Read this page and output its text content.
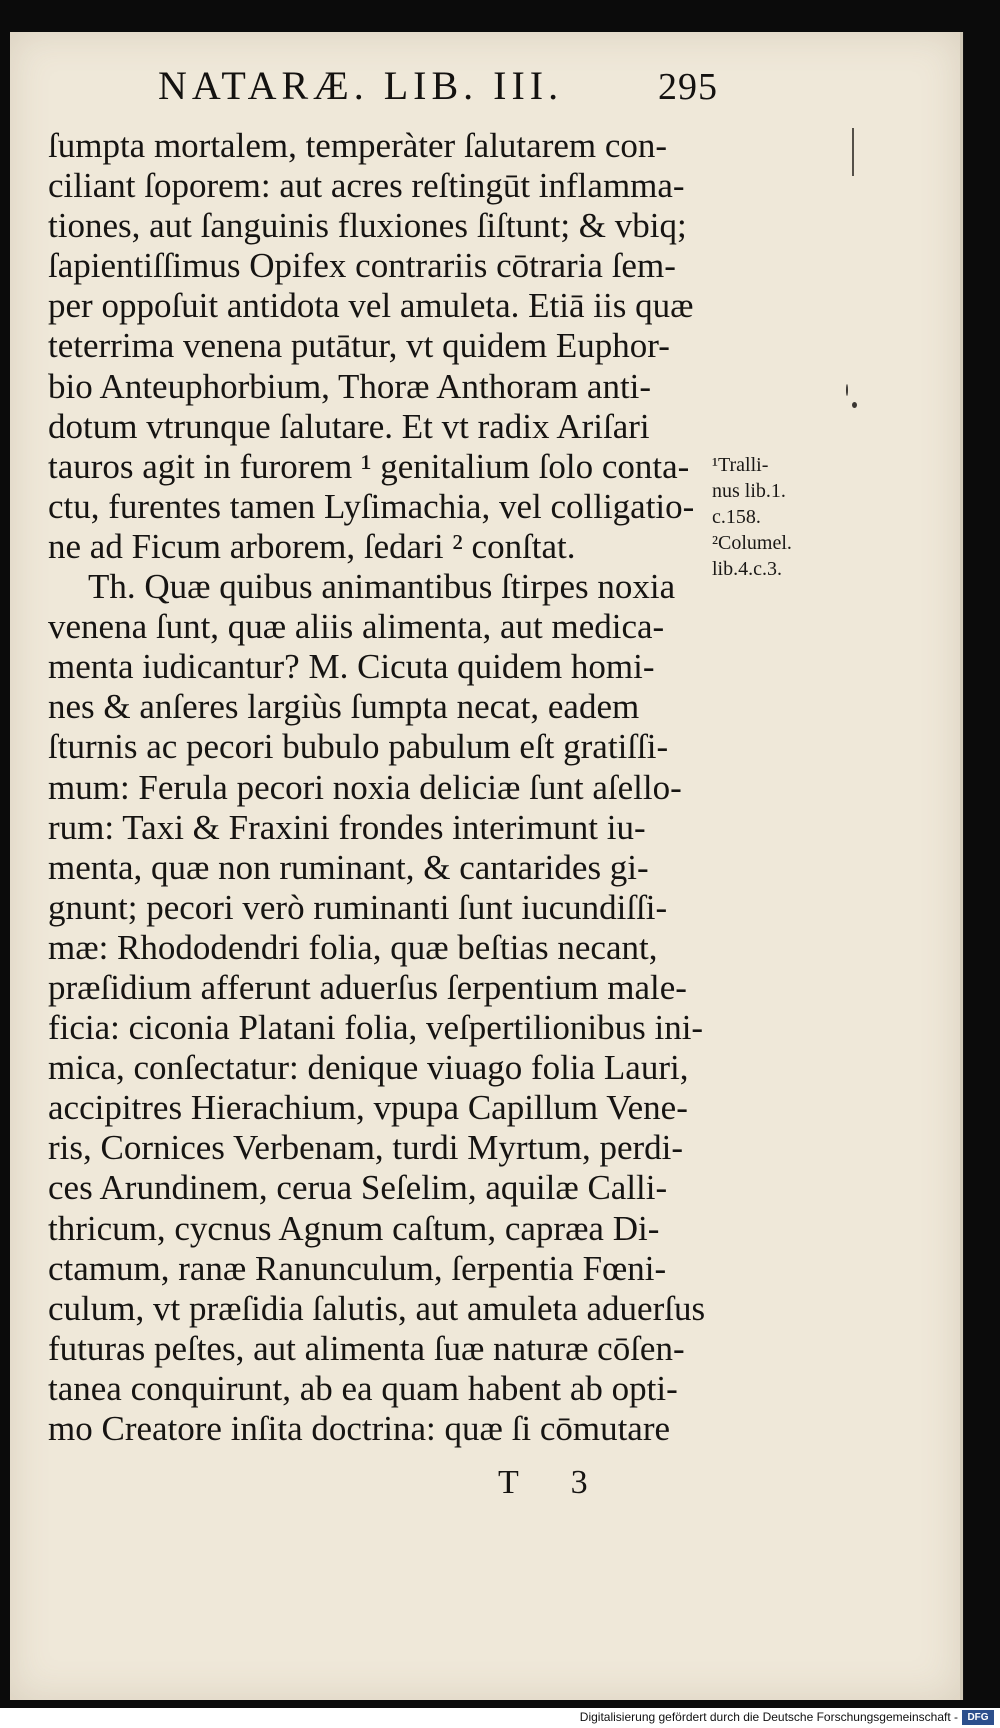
NATARÆ. LIB. III. 295
ſumpta mortalem, temperàter ſalutarem con-
ciliant ſoporem: aut acres reſtingūt inflamma-
tiones, aut ſanguinis fluxiones ſiſtunt; & vbiq;
ſapientiſſimus Opifex contrariis cōtraria ſem-
per oppoſuit antidota vel amuleta. Etiā iis quæ
teterrima venena putātur, vt quidem Euphor-
bio Anteuphorbium, Thoræ Anthoram anti-
dotum vtrunque ſalutare. Et vt radix Ariſari
tauros agit in furorem ¹ genitalium ſolo conta-
ctu, furentes tamen Lyſimachia, vel colligatio-
ne ad Ficum arborem, ſedari ² conſtat.
Th. Quæ quibus animantibus ſtirpes noxia
venena ſunt, quæ aliis alimenta, aut medica-
menta iudicantur? M. Cicuta quidem homi-
nes & anſeres largiùs ſumpta necat, eadem
ſturnis ac pecori bubulo pabulum eſt gratiſſi-
mum: Ferula pecori noxia deliciæ ſunt aſello-
rum: Taxi & Fraxini frondes interimunt iu-
menta, quæ non ruminant, & cantarides gi-
gnunt; pecori verò ruminanti ſunt iucundiſſi-
mæ: Rhododendri folia, quæ beſtias necant,
præſidium afferunt aduerſus ſerpentium male-
ficia: ciconia Platani folia, veſpertilionibus ini-
mica, conſectatur: denique viuago folia Lauri,
accipitres Hierachium, vpupa Capillum Vene-
ris, Cornices Verbenam, turdi Myrtum, perdi-
ces Arundinem, cerua Seſelim, aquilæ Calli-
thricum, cycnus Agnum caſtum, capræa Di-
ctamum, ranæ Ranunculum, ſerpentia Fœni-
culum, vt præſidia ſalutis, aut amuleta aduerſus
futuras peſtes, aut alimenta ſuæ naturæ cōſen-
tanea conquirunt, ab ea quam habent ab opti-
mo Creatore inſita doctrina: quæ ſi cōmutare
¹Tralli-
nus lib.1.
c.158.
²Columel.
lib.4.c.3.
T 3
Digitalisierung gefördert durch die Deutsche Forschungsgemeinschaft - DFG
